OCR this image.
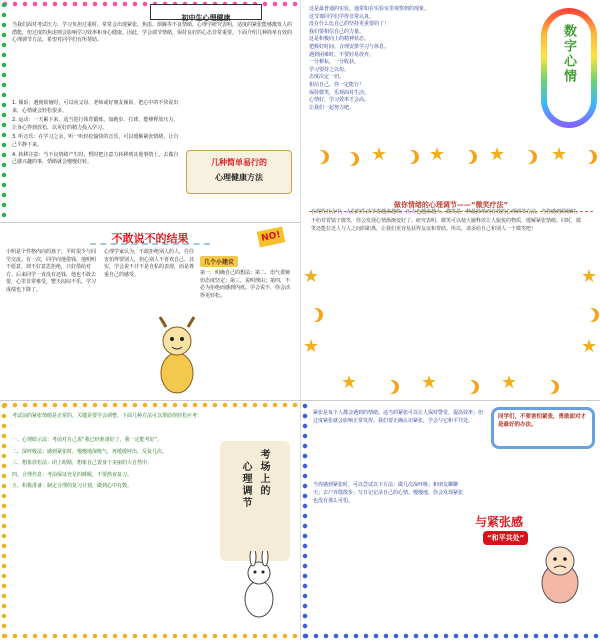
初中生心理健康

当我们面对考试压力，学习负担过重时，常常会出现紧张、焦虑、烦躁等不良情绪。心理学研究表明，适度的紧张能够激发人的潜能，但过度的焦虑则会影响学习效率和身心健康。因此，学会调节情绪，保持良好的心态非常重要。下面介绍几种简单有效的心理调节方法，希望对同学们有所帮助。

1. 倾诉：遇到烦恼时，可以向父母、老师或好朋友倾诉，把心中的不快说出来，心情就会轻松很多。

2. 运动：一天累下来，适当进行体育锻炼，如跑步、打球，能够释放压力，让身心得到放松，以更好的精力投入学习。

3. 听音乐：在学习之余，听一听轻松愉快的音乐，可以缓解紧张情绪，让自己平静下来。

4. 转移注意：当不良情绪产生时，暂时把注意力转移到其他事情上，去做自己感兴趣的事，情绪就会慢慢好转。	几种简单易行的
心理健康方法

这是最普通的实验，通常如在实验室里观察到的现象。

这节课同学们学得非常认真。

没有什么比自己的坚持更重要的了！

我们要相信自己的力量。

这是积极向上的精神状态。

把握好时间，合理安排学习与休息。

遇到困难时，不要轻易放弃。

一分耕耘，一分收获。

学习要持之以恒。

态度决定一切。

相信自己，你一定能行！

保持微笑，乐观面对生活。

心情好，学习效率才会高。

让我们一起努力吧。

数字心情
★ ★ ★	★
不敢说不的结果	NO!

小明是个性格内向的孩子，平时很少与同学交流。有一次，同学向他借钱，他明明不愿意，却不好意思拒绝，只好借给对方。后来同学一直没有还钱，他也不敢去要，心里非常难受，整天闷闷不乐，学习成绩也下降了。

心理学家认为，不敢拒绝别人的人，往往害怕得罪别人，担心别人不喜欢自己。其实，学会说不并不是自私的表现，而是尊重自己的感受。

几个小建议

第一，明确自己的想法；第二，语气委婉但态度坚定；第三，说明理由；第四，不必为拒绝而感到内疚。学会说不，你会活得更轻松。

做你情绪的心理调节——“微笑疗法”

在现代社会中，人们的生活节奏越来越快，压力也越来越大。微笑是一种最简单而有效的心理调节方法。当你感到烦恼时，不妨对着镜子微笑，你会发现心情渐渐变好了。研究表明，微笑可以使大脑释放让人愉悦的物质，缓解紧张情绪。同时，微笑还能拉近人与人之间的距离，让我们更容易获得友谊和帮助。所以，请多给自己和别人一个微笑吧！

★
★
★
★
★	★	★

考试前的紧张情绪是正常的，关键是要学会调整。下面几种方法可以帮助你轻松应考：

一、心理暗示法：考前对自己说“我已经准备好了，我一定能考好”。

二、深呼吸法：感到紧张时，慢慢地深吸气，再缓缓呼出，反复几次。

三、想象放松法：闭上眼睛，想象自己置身于美丽的大自然中。

四、合理作息：考前保证充足的睡眠，不要熬夜复习。

五、积极准备：制定合理的复习计划，做到心中有数。	考场上的
心理调节

紧张是每个人都会遇到的情绪。适当的紧张可以让人保持警觉，提高效率；但过度紧张就会影响正常发挥。我们要正确认识紧张，学会与它和平共处。

同学们，不要害怕紧张，勇敢面对才是最好的办法。

当你感到紧张时，可以尝试以下方法：做几次深呼吸；和朋友聊聊天；去户外散散步；写日记记录自己的心情。慢慢地，你会发现紧张也没有那么可怕。

与紧张感
“和平共处”
